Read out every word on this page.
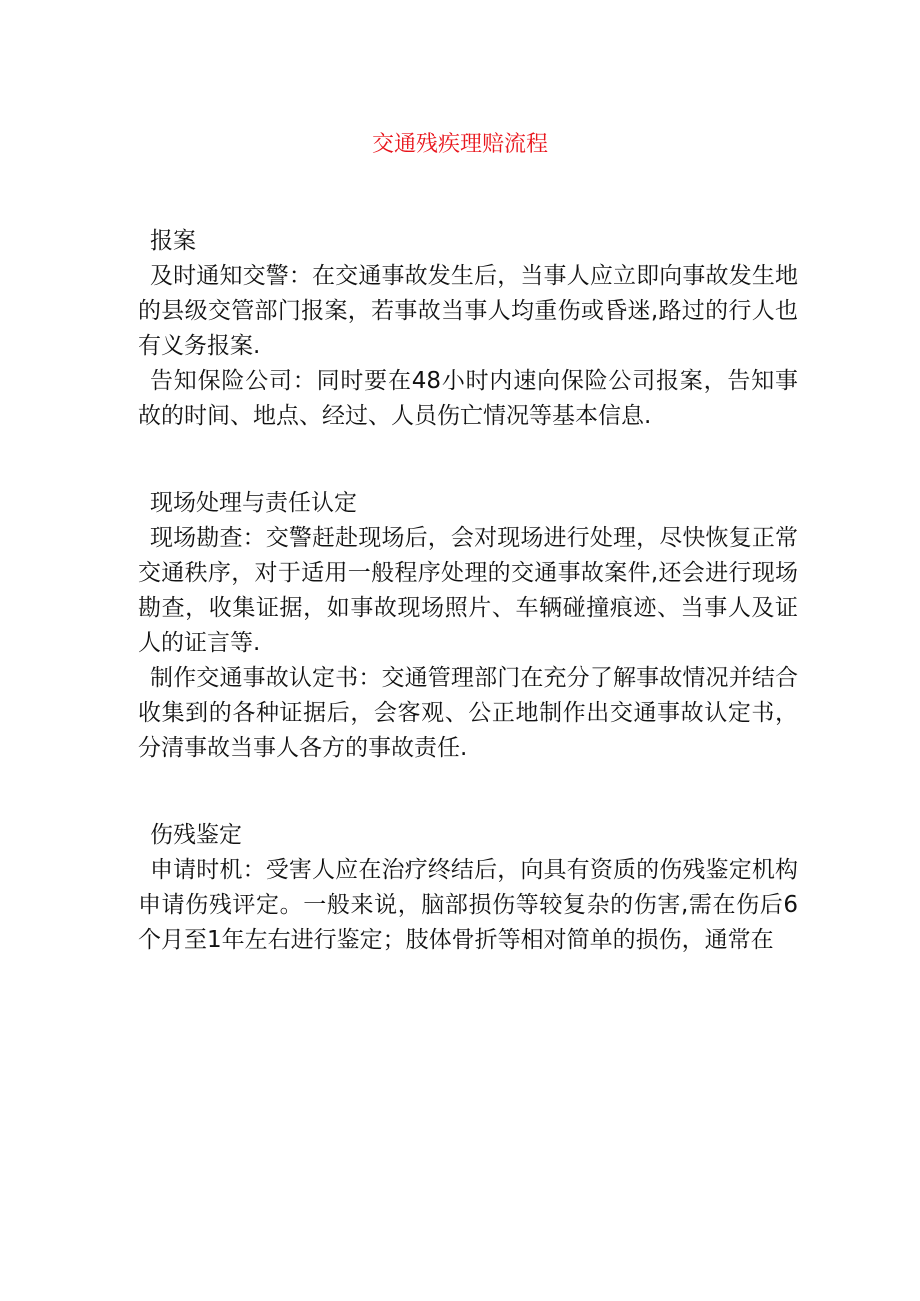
交通残疾理赔流程
报案

及时通知交警：在交通事故发生后，当事人应立即向事故发生地的县级交管部门报案，若事故当事人均重伤或昏迷,路过的行人也有义务报案.

告知保险公司：同时要在48小时内速向保险公司报案，告知事故的时间、地点、经过、人员伤亡情况等基本信息.

现场处理与责任认定

现场勘查：交警赶赴现场后，会对现场进行处理，尽快恢复正常交通秩序，对于适用一般程序处理的交通事故案件,还会进行现场勘查，收集证据，如事故现场照片、车辆碰撞痕迹、当事人及证人的证言等.

制作交通事故认定书：交通管理部门在充分了解事故情况并结合收集到的各种证据后，会客观、公正地制作出交通事故认定书，分清事故当事人各方的事故责任.

伤残鉴定

申请时机：受害人应在治疗终结后，向具有资质的伤残鉴定机构申请伤残评定。一般来说，脑部损伤等较复杂的伤害,需在伤后6个月至1年左右进行鉴定；肢体骨折等相对简单的损伤，通常在
